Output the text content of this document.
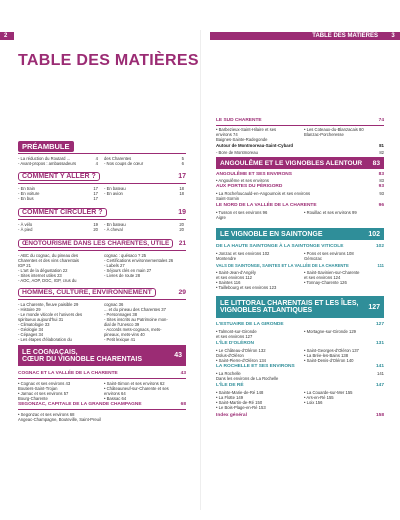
2
TABLE DES MATIÈRES
PRÉAMBULE
- La réduction du Routard ...	4
- Avant-propos : ambassadeurs	4
des Charentes	5
- Nos coups de cœur	6
COMMENT Y ALLER ?	17
- En train	17
- En voiture	17
- En bus	17
- En bateau	18
- En avion	18
COMMENT CIRCULER ?	19
- À vélo	19
- À pied	20
- En bateau	20
- À cheval	20
ŒNOTOURISME DANS LES CHARENTES, UTILE	21
- ABC du cognac, du pineau des
Charentes et des vins charentais
IGP 21
- L'art de la dégustation 22
- Sites internet utiles 23
- AOC, AOP, DGC, IGP, crus du
cognac : quésaco ? 25
- Certifications environnementales 26
- Labels 27
- Séjours clés en main 27
- Livres de route 28
HOMMES, CULTURE, ENVIRONNEMENT	29
- La Charente, fleuve paisible 29
- Histoire 29
- Le monde viticole et l'univers des
spiritueux aujourd'hui 31
- Climatologie 33
- Géologie 34
- Cépages 34
- Les étapes d'élaboration du
cognac 36
... et du pineau des Charentes 37
- Personnages 38
- Sites inscrits au Patrimoine mon-
dial de l'Unesco 39
- Accords mets-cognacs, mets-
pineaux, mets-vins 40
- Petit lexique 41
LE COGNAÇAIS,
CŒUR DU VIGNOBLE CHARENTAIS	43
COGNAC ET LA VALLÉE DE LA CHARENTE	43
• Cognac et ses environs 43
Boutiers-Saint-Trojan
• Jarnac et ses environs 57
Bourg-Charente
• Saint-Simon et ses environs 62
• Châteauneuf-sur-Charente et ses
environs 64
• Bassac 64
SEGONZAC, CAPITALE DE LA GRANDE CHAMPAGNE	68
• Segonzac et ses environs 68
Angeac-Champagne, Bouteville, Saint-Preuil
TABLE DES MATIÈRES	3
LE SUD CHARENTE	74
• Barbezieux-Saint-Hilaire et ses
environs 74
Baignes-Sainte-Radegonde
• Les Coteaux-du-Blanzacais 80
Blanzac-Porcheresse
Autour de Montmoreau-Saint-Cybard	81
- Bore de Montmoreau	82
ANGOULÊME ET LE VIGNOBLES ALENTOUR 83
ANGOULÊME ET SES ENVIRONS	83
• Angoulême et ses environs	83
AUX PORTES DU PÉRIGORD	93
• La Rochefoucauld-en-Angoumois et ses environs	93
Saint-Sornin
LE NORD DE LA VALLÉE DE LA CHARENTE	96
• Tusson et ses environs 96
Aigre
• Rouillac et ses environs 99
LE VIGNOBLE EN SAINTONGE	102
DE LA HAUTE SAINTONGE À LA SAINTONGE VITICOLE	102
• Jonzac et ses environs 102
Montendre
• Pons et ses environs 108
Gémozac
VALS DE SAINTONGE, SAINTES ET LA VALLÉE DE LA CHARENTE	111
• Saint-Jean-d'Angély
et ses environs 112
• Saintes 116
• Taillebourg et ses environs 123
• Saint-Savinien-sur-Charente
et ses environs 124
• Tonnay-Charente 126
LE LITTORAL CHARENTAIS ET LES ÎLES,
VIGNOBLES ATLANTIQUES	127
L'ESTUAIRE DE LA GIRONDE	127
• Talmont-sur-Gironde
et ses environs 127
• Mortagne-sur-Gironde 129
L'ÎLE D'OLÉRON	131
• Le Château-d'Oléron 132
Dolus-d'Oléron
• Saint-Pierre-d'Oléron 134
• Saint-Georges-d'Oléron 137
• La Brée-les-Bains 138
• Saint-Denis-d'Oléron 140
LA ROCHELLE ET SES ENVIRONS	141
• La Rochelle	141
Dans les environs de La Rochelle
L'ÎLE DE RÉ	147
• Sainte-Marie-de-Ré 148
• La Flotte 149
• Saint-Martin-de-Ré 150
• Le Bois-Plage-en-Ré 153
• La Couarde-sur-Mer 155
• Ars-en-Ré 155
• Loix 156
Index général	158
